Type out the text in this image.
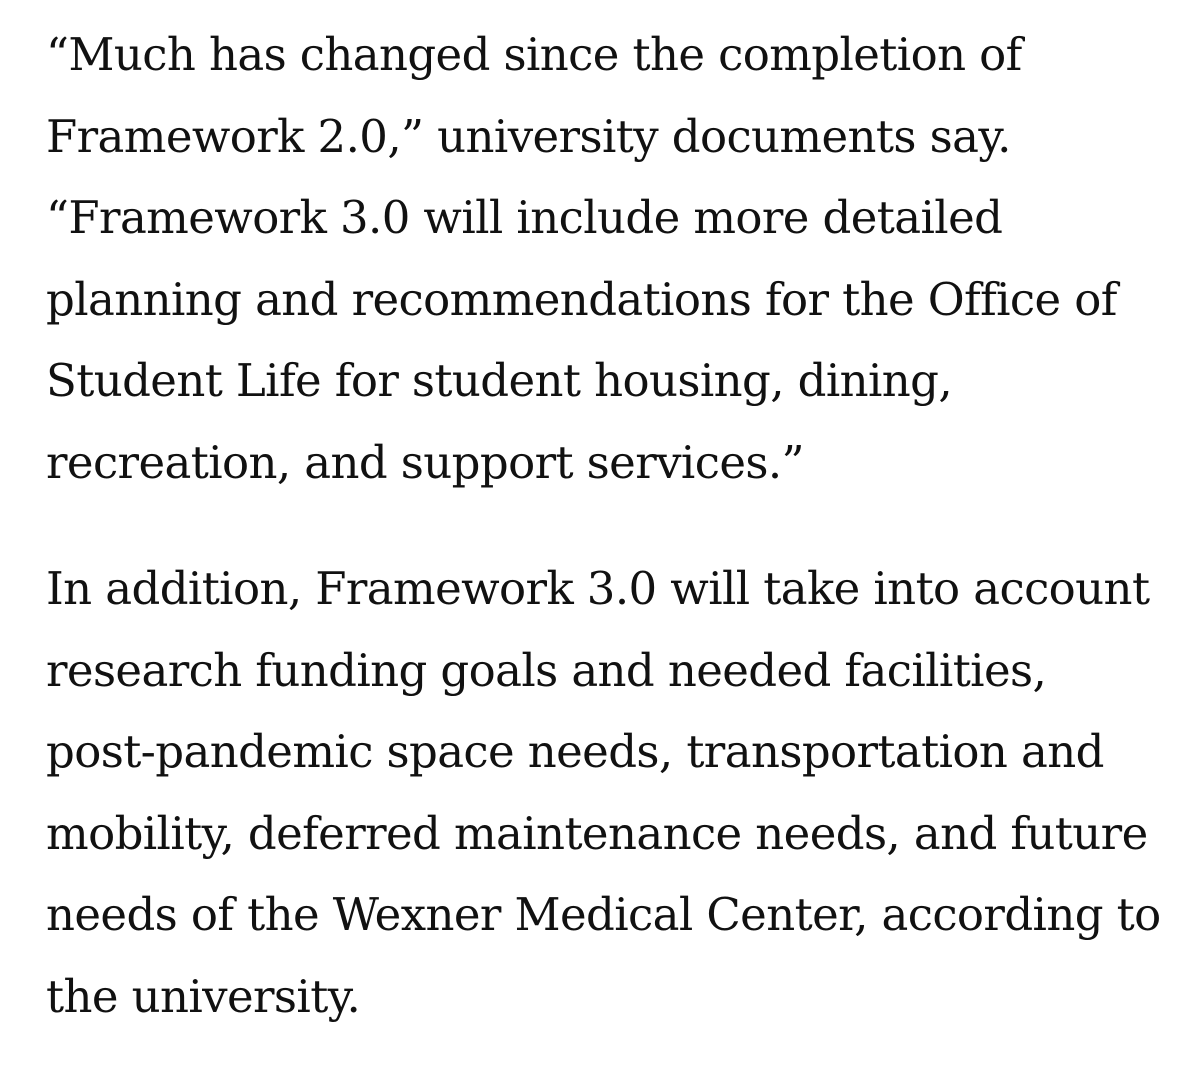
“Much has changed since the completion of
Framework 2.0,” university documents say.
“Framework 3.0 will include more detailed
planning and recommendations for the Office of
Student Life for student housing, dining,
recreation, and support services.”

In addition, Framework 3.0 will take into account
research funding goals and needed facilities,
post-pandemic space needs, transportation and
mobility, deferred maintenance needs, and future
needs of the Wexner Medical Center, according to
the university.
